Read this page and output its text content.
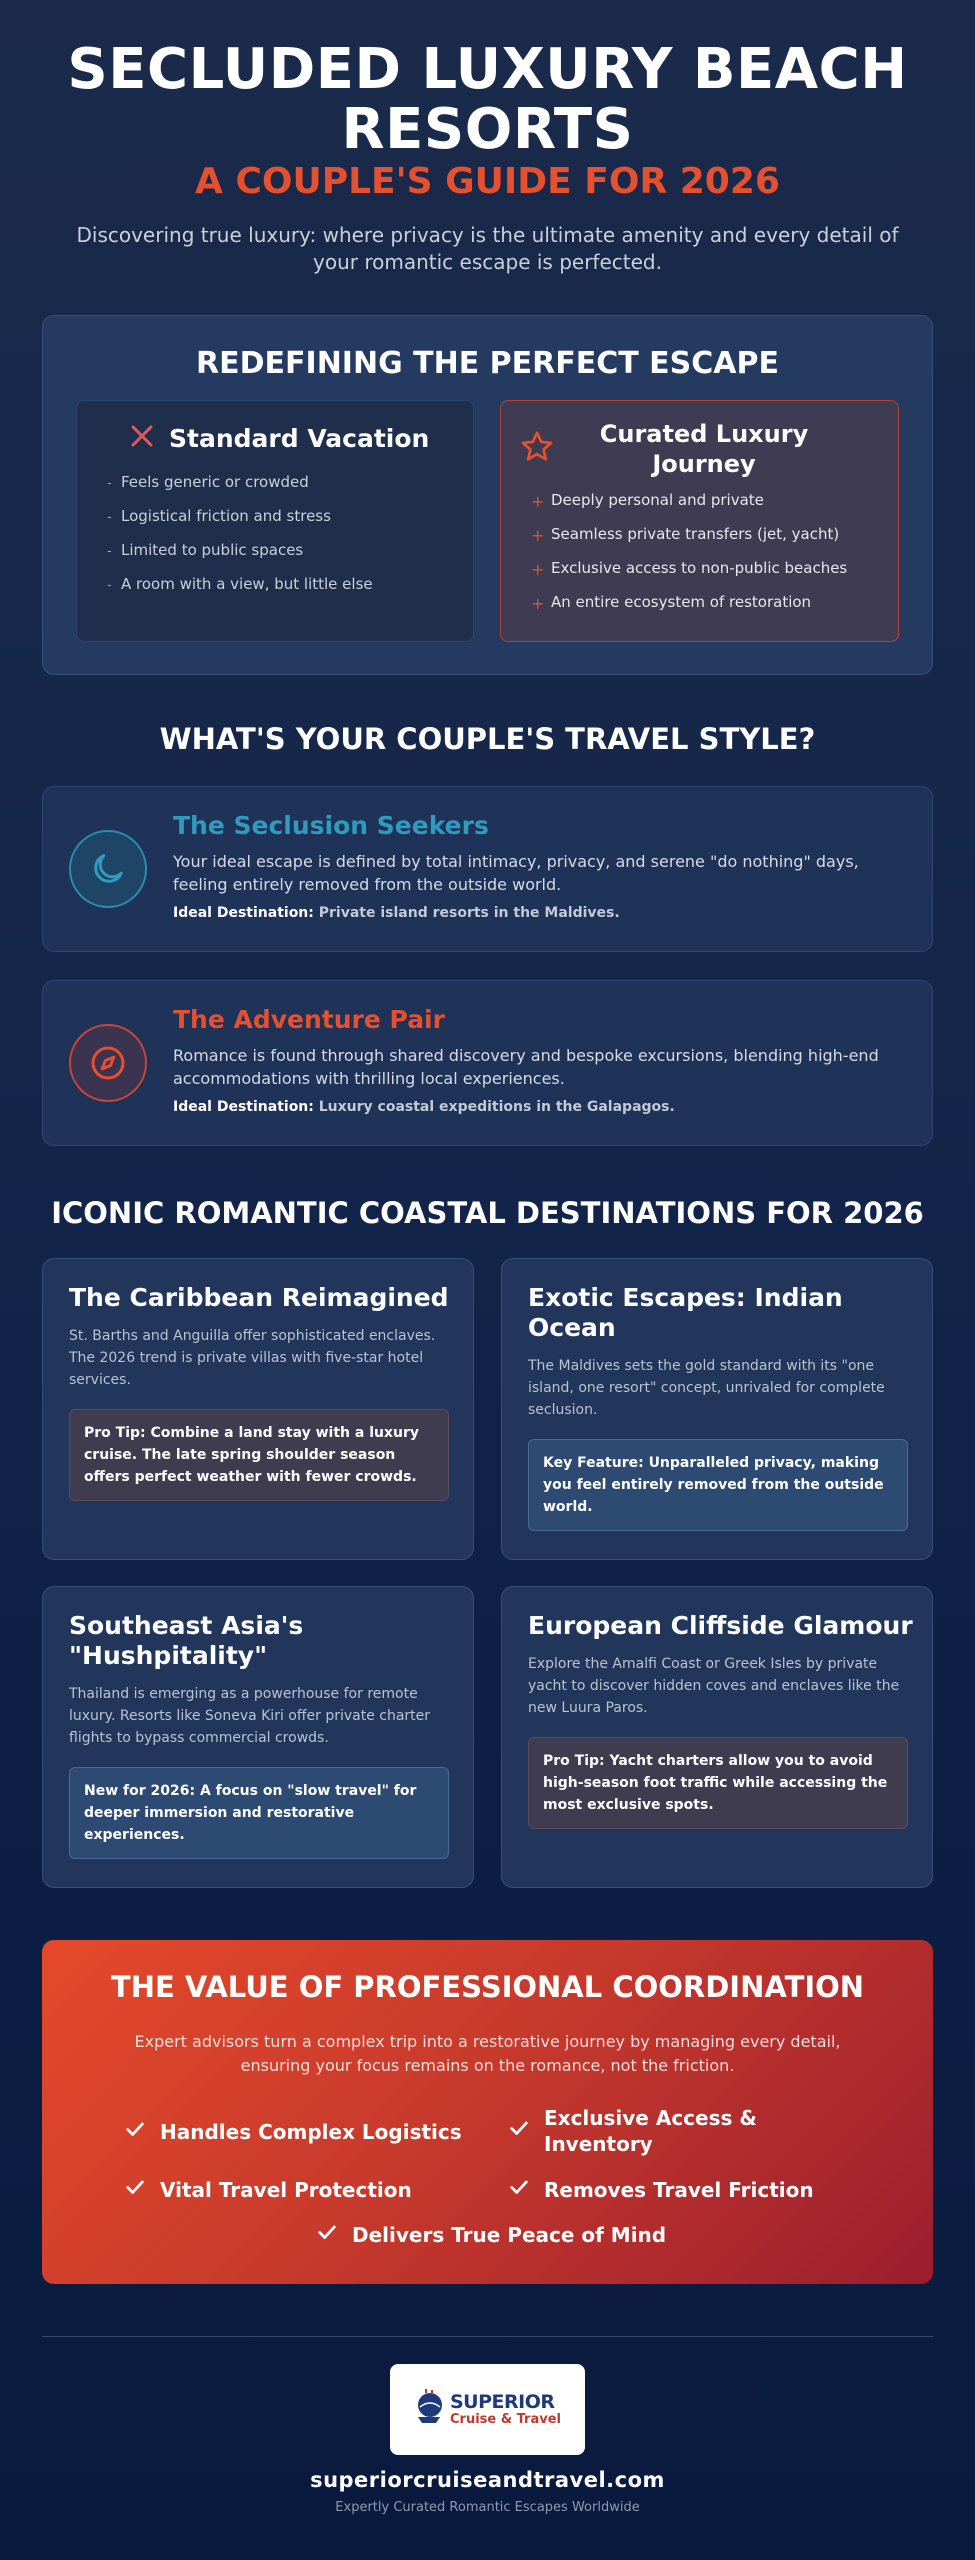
SECLUDED LUXURY BEACH RESORTS
A COUPLE'S GUIDE FOR 2026

Discovering true luxury: where privacy is the ultimate amenity and every detail of your romantic escape is perfected.

REDEFINING THE PERFECT ESCAPE
Standard Vacation
- Feels generic or crowded
- Logistical friction and stress
- Limited to public spaces
- A room with a view, but little else
Curated Luxury Journey
+ Deeply personal and private
+ Seamless private transfers (jet, yacht)
+ Exclusive access to non-public beaches
+ An entire ecosystem of restoration
WHAT'S YOUR COUPLE'S TRAVEL STYLE?
The Seclusion Seekers
Your ideal escape is defined by total intimacy, privacy, and serene "do nothing" days, feeling entirely removed from the outside world.
Ideal Destination: Private island resorts in the Maldives.
The Adventure Pair
Romance is found through shared discovery and bespoke excursions, blending high-end accommodations with thrilling local experiences.
Ideal Destination: Luxury coastal expeditions in the Galapagos.
ICONIC ROMANTIC COASTAL DESTINATIONS FOR 2026
The Caribbean Reimagined
St. Barths and Anguilla offer sophisticated enclaves. The 2026 trend is private villas with five-star hotel services.
Pro Tip: Combine a land stay with a luxury cruise. The late spring shoulder season offers perfect weather with fewer crowds.
Exotic Escapes: Indian Ocean
The Maldives sets the gold standard with its "one island, one resort" concept, unrivaled for complete seclusion.
Key Feature: Unparalleled privacy, making you feel entirely removed from the outside world.
Southeast Asia's "Hushpitality"
Thailand is emerging as a powerhouse for remote luxury. Resorts like Soneva Kiri offer private charter flights to bypass commercial crowds.
New for 2026: A focus on "slow travel" for deeper immersion and restorative experiences.
European Cliffside Glamour
Explore the Amalfi Coast or Greek Isles by private yacht to discover hidden coves and enclaves like the new Luura Paros.
Pro Tip: Yacht charters allow you to avoid high-season foot traffic while accessing the most exclusive spots.
THE VALUE OF PROFESSIONAL COORDINATION

Expert advisors turn a complex trip into a restorative journey by managing every detail, ensuring your focus remains on the romance, not the friction.

Handles Complex Logistics
Exclusive Access & Inventory
Vital Travel Protection	Removes Travel Friction
Delivers True Peace of Mind
SUPERIOR
Cruise & Travel
superiorcruiseandtravel.com
Expertly Curated Romantic Escapes Worldwide
